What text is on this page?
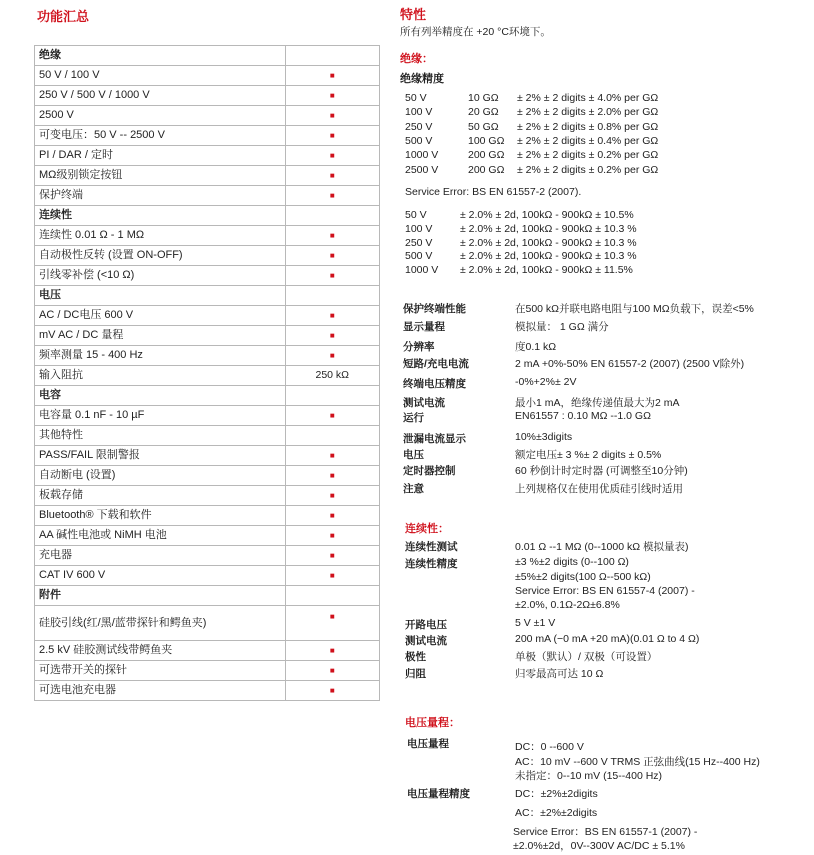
功能汇总
绝缘	
50 V / 100 V	■
250 V / 500 V / 1000 V	■
2500 V	■
可变电压：50 V -- 2500 V	■
PI / DAR / 定时	■
MΩ级别锁定按钮	■
保护终端	■
连续性	
连续性 0.01 Ω - 1 MΩ	■
自动极性反转 (设置 ON-OFF)	■
引线零补偿 (<10 Ω)	■
电压	
AC / DC电压 600 V	■
mV AC / DC 量程	■
频率测量 15 - 400 Hz	■
输入阻抗	250 kΩ
电容	
电容量 0.1 nF - 10 µF	■
其他特性	
PASS/FAIL 限制警报	■
自动断电 (设置)	■
板载存储	■
Bluetooth® 下载和软件	■
AA 碱性电池或 NiMH 电池	■
充电器	■
CAT IV 600 V	■
附件	
硅胶引线(红/黑/蓝带探针和鳄鱼夹)	■
2.5 kV 硅胶测试线带鳄鱼夹	■
可选带开关的探针	■
可选电池充电器	■
特性
所有列举精度在 +20 °C环境下。
绝缘：
绝缘精度
50 V	10 GΩ ± 2% ± 2 digits ± 4.0% per GΩ
100 V	20 GΩ ± 2% ± 2 digits ± 2.0% per GΩ
250 V	50 GΩ ± 2% ± 2 digits ± 0.8% per GΩ
500 V	100 GΩ ± 2% ± 2 digits ± 0.4% per GΩ
1000 V	200 GΩ ± 2% ± 2 digits ± 0.2% per GΩ
2500 V	200 GΩ ± 2% ± 2 digits ± 0.2% per GΩ
Service Error: BS EN 61557-2 (2007).
50 V	± 2.0% ± 2d, 100kΩ - 900kΩ ± 10.5%
100 V	± 2.0% ± 2d, 100kΩ - 900kΩ ± 10.3 %
250 V	± 2.0% ± 2d, 100kΩ - 900kΩ ± 10.3 %
500 V	± 2.0% ± 2d, 100kΩ - 900kΩ ± 10.3 %
1000 V ± 2.0% ± 2d, 100kΩ - 900kΩ ± 11.5%
保护终端性能	在500 kΩ并联电路电阻与100 MΩ负载下，误差<5%
显示量程	模拟量： 1 GΩ 满分
分辨率	度0.1 kΩ
短路/充电电流	2 mA +0%-50% EN 61557-2 (2007) (2500 V除外)
终端电压精度	-0%+2%± 2V
测试电流	最小1 mA，绝缘传递值最大为2 mA
运行	EN61557 : 0.10 MΩ --1.0 GΩ
泄漏电流显示	10%±3digits
电压	额定电压± 3 %± 2 digits ± 0.5%
定时器控制	60 秒倒计时定时器 (可调整至10分钟)
注意	上列规格仅在使用优质硅引线时适用
连续性：
连续性测试	0.01 Ω --1 MΩ (0--1000 kΩ 模拟量表)
连续性精度	±3 %±2 digits (0--100 Ω)
±5%±2 digits(100 Ω--500 kΩ)
Service Error: BS EN 61557-4 (2007) -
±2.0%, 0.1Ω-2Ω±6.8%
开路电压	5 V ±1 V
测试电流	200 mA (−0 mA +20 mA)(0.01 Ω to 4 Ω)
极性	单极（默认）/ 双极（可设置）
归阻	归零最高可达 10 Ω
电压量程：
电压量程	DC：0 --600 V
AC：10 mV --600 V TRMS 正弦曲线(15 Hz--400 Hz)
未指定：0--10 mV (15--400 Hz)
电压量程精度	DC：±2%±2digits
AC：±2%±2digits
Service Error：BS EN 61557-1 (2007) -
±2.0%±2d，0V--300V AC/DC ± 5.1%
